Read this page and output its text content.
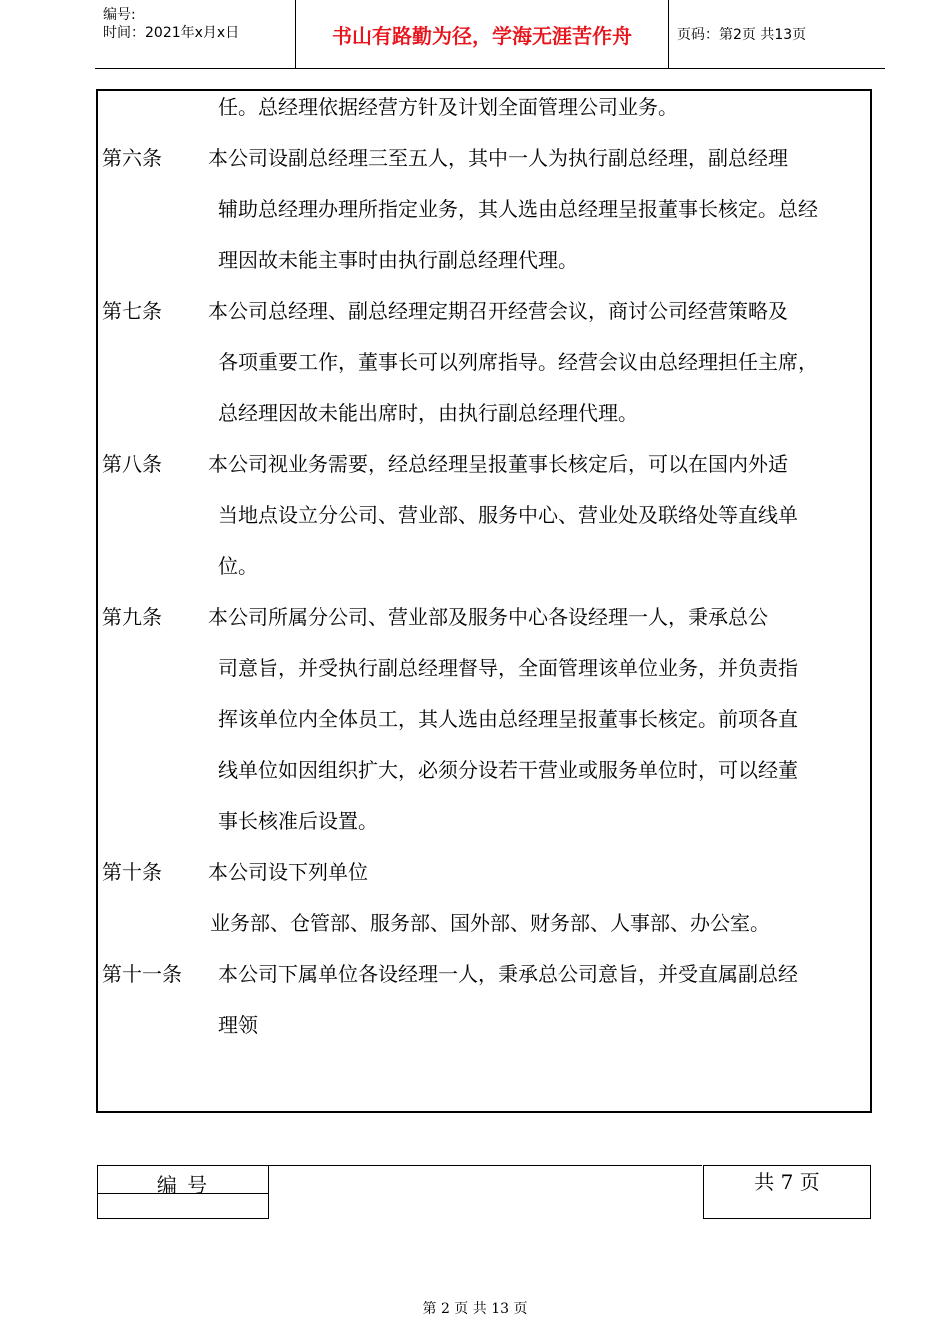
编号:
时间：2021年x月x日	书山有路勤为径，学海无涯苦作舟	页码：第2页 共13页
任。总经理依据经营方针及计划全面管理公司业务。
第六条 本公司设副总经理三至五人，其中一人为执行副总经理，副总经理
辅助总经理办理所指定业务，其人选由总经理呈报董事长核定。总经
理因故未能主事时由执行副总经理代理。
第七条 本公司总经理、副总经理定期召开经营会议，商讨公司经营策略及
各项重要工作，董事长可以列席指导。经营会议由总经理担任主席，
总经理因故未能出席时，由执行副总经理代理。
第八条 本公司视业务需要，经总经理呈报董事长核定后，可以在国内外适
当地点设立分公司、营业部、服务中心、营业处及联络处等直线单
位。
第九条 本公司所属分公司、营业部及服务中心各设经理一人，秉承总公
司意旨，并受执行副总经理督导，全面管理该单位业务，并负责指
挥该单位内全体员工，其人选由总经理呈报董事长核定。前项各直
线单位如因组织扩大，必须分设若干营业或服务单位时，可以经董
事长核准后设置。
第十条 本公司设下列单位
业务部、仓管部、服务部、国外部、财务部、人事部、办公室。
第十一条 本公司下属单位各设经理一人，秉承总公司意旨，并受直属副总经
理领
编 号	共 7 页
第 2 页 共 13 页
